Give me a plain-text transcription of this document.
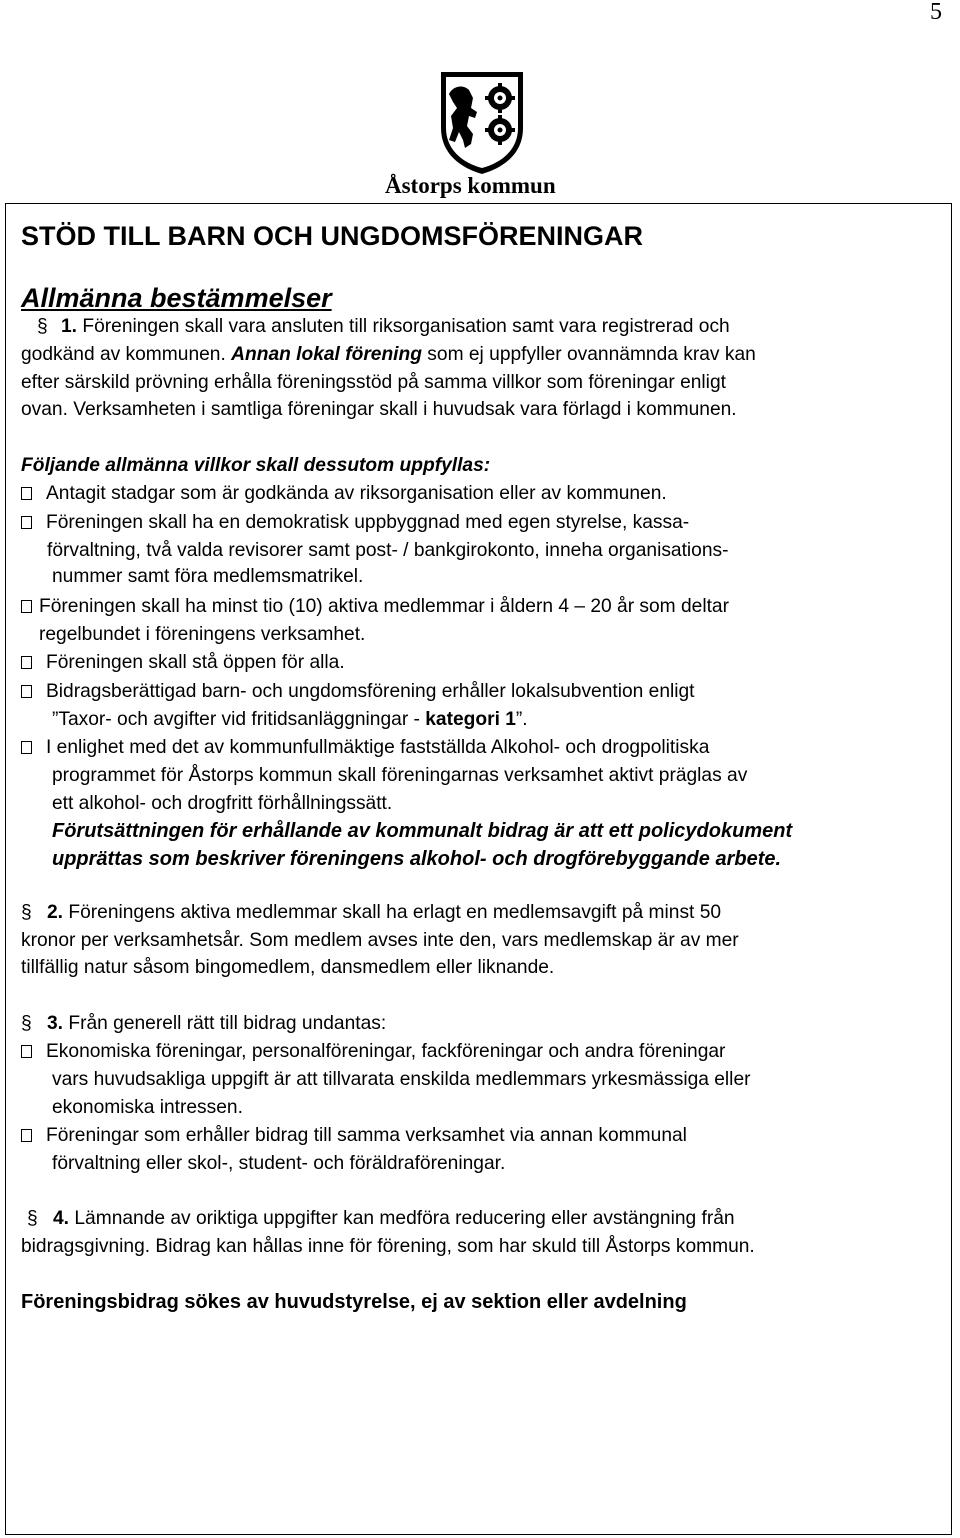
5
Åstorps kommun
STÖD TILL BARN OCH UNGDOMSFÖRENINGAR
Allmänna bestämmelser
§ 1. Föreningen skall vara ansluten till riksorganisation samt vara registrerad och
godkänd av kommunen. Annan lokal förening som ej uppfyller ovannämnda krav kan
efter särskild prövning erhålla föreningsstöd på samma villkor som föreningar enligt
ovan. Verksamheten i samtliga föreningar skall i huvudsak vara förlagd i kommunen.
Följande allmänna villkor skall dessutom uppfyllas:
Antagit stadgar som är godkända av riksorganisation eller av kommunen.
Föreningen skall ha en demokratisk uppbyggnad med egen styrelse, kassa-
förvaltning, två valda revisorer samt post- / bankgirokonto, inneha organisations-
nummer samt föra medlemsmatrikel.
Föreningen skall ha minst tio (10) aktiva medlemmar i åldern 4 – 20 år som deltar
regelbundet i föreningens verksamhet.
Föreningen skall stå öppen för alla.
Bidragsberättigad barn- och ungdomsförening erhåller lokalsubvention enligt
”Taxor- och avgifter vid fritidsanläggningar - kategori 1”.
I enlighet med det av kommunfullmäktige fastställda Alkohol- och drogpolitiska
programmet för Åstorps kommun skall föreningarnas verksamhet aktivt präglas av
ett alkohol- och drogfritt förhållningssätt.
Förutsättningen för erhållande av kommunalt bidrag är att ett policydokument
upprättas som beskriver föreningens alkohol- och drogförebyggande arbete.
§ 2. Föreningens aktiva medlemmar skall ha erlagt en medlemsavgift på minst 50
kronor per verksamhetsår. Som medlem avses inte den, vars medlemskap är av mer
tillfällig natur såsom bingomedlem, dansmedlem eller liknande.
§ 3. Från generell rätt till bidrag undantas:
Ekonomiska föreningar, personalföreningar, fackföreningar och andra föreningar
vars huvudsakliga uppgift är att tillvarata enskilda medlemmars yrkesmässiga eller
ekonomiska intressen.
Föreningar som erhåller bidrag till samma verksamhet via annan kommunal
förvaltning eller skol-, student- och föräldraföreningar.
§ 4. Lämnande av oriktiga uppgifter kan medföra reducering eller avstängning från
bidragsgivning. Bidrag kan hållas inne för förening, som har skuld till Åstorps kommun.
Föreningsbidrag sökes av huvudstyrelse, ej av sektion eller avdelning
